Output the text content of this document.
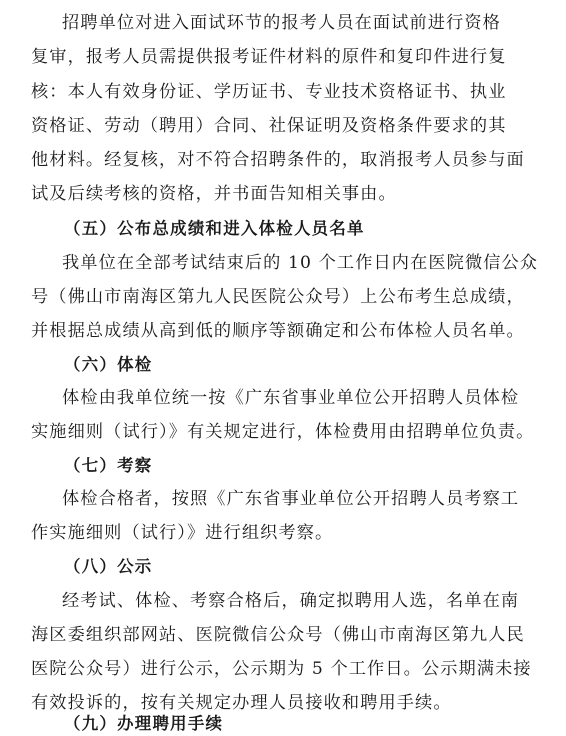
招聘单位对进入面试环节的报考人员在面试前进行资格
复审，报考人员需提供报考证件材料的原件和复印件进行复
核：本人有效身份证、学历证书、专业技术资格证书、执业
资格证、劳动（聘用）合同、社保证明及资格条件要求的其
他材料。经复核，对不符合招聘条件的，取消报考人员参与面
试及后续考核的资格，并书面告知相关事由。
（五）公布总成绩和进入体检人员名单
我单位在全部考试结束后的 10 个工作日内在医院微信公众
号（佛山市南海区第九人民医院公众号）上公布考生总成绩，
并根据总成绩从高到低的顺序等额确定和公布体检人员名单。
（六）体检
体检由我单位统一按《广东省事业单位公开招聘人员体检
实施细则（试行）》有关规定进行，体检费用由招聘单位负责。
（七）考察
体检合格者，按照《广东省事业单位公开招聘人员考察工
作实施细则（试行）》进行组织考察。
（八）公示
经考试、体检、考察合格后，确定拟聘用人选，名单在南
海区委组织部网站、医院微信公众号（佛山市南海区第九人民
医院公众号）进行公示，公示期为 5 个工作日。公示期满未接
有效投诉的，按有关规定办理人员接收和聘用手续。
（九）办理聘用手续
